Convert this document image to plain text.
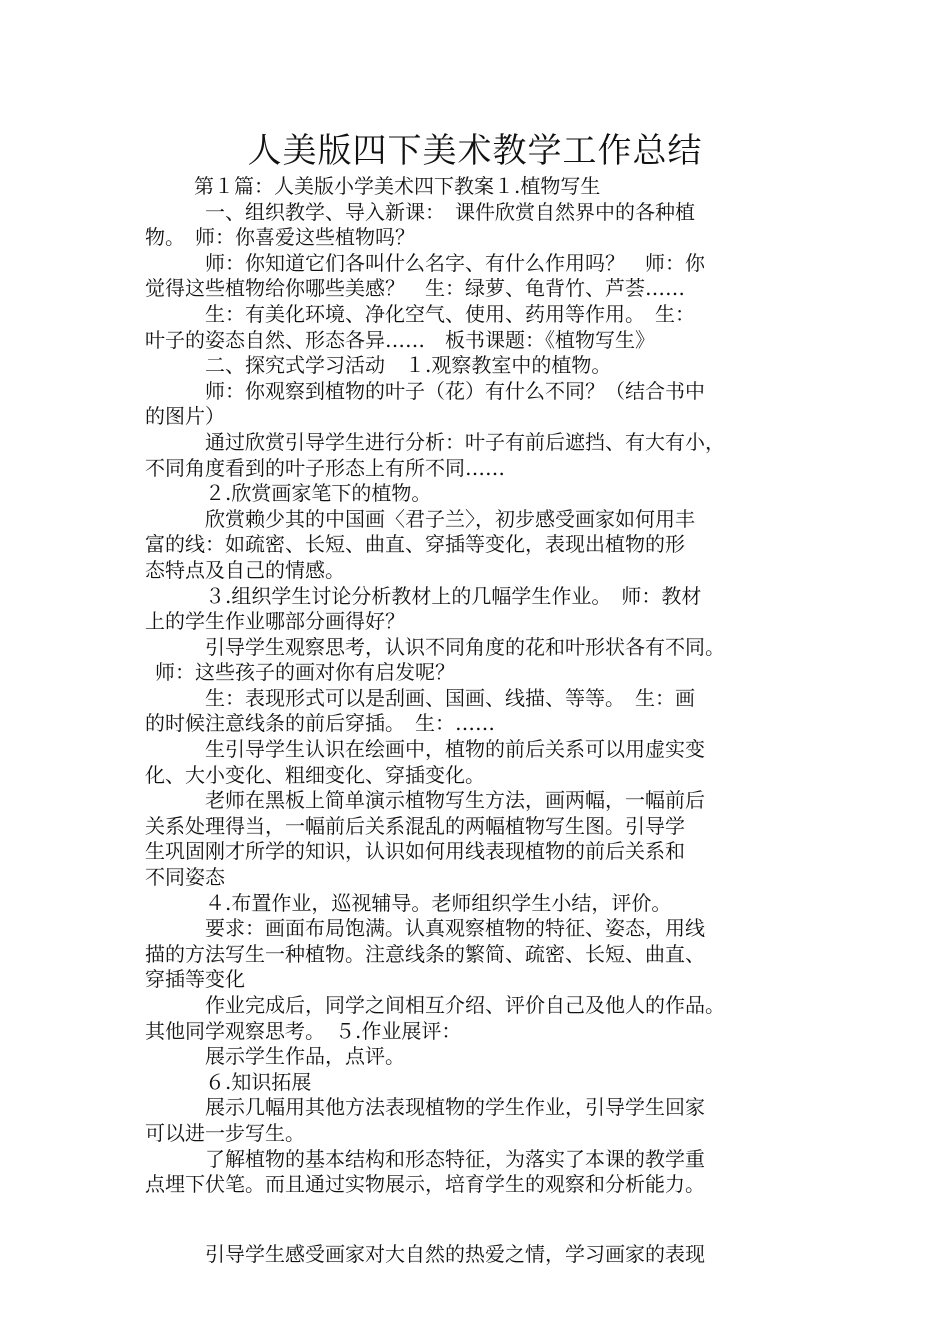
人美版四下美术教学工作总结
第１篇：人美版小学美术四下教案１.植物写生
一、组织教学、导入新课：　课件欣赏自然界中的各种植
物。　师：你喜爱这些植物吗？
师：你知道它们各叫什么名字、有什么作用吗？　师：你
觉得这些植物给你哪些美感？　生：绿萝、龟背竹、芦荟……
生：有美化环境、净化空气、使用、药用等作用。　生：
叶子的姿态自然、形态各异……　板书课题：《植物写生》
二、探究式学习活动　１.观察教室中的植物。
师：你观察到植物的叶子（花）有什么不同？（结合书中
的图片）
通过欣赏引导学生进行分析：叶子有前后遮挡、有大有小，
不同角度看到的叶子形态上有所不同……
２.欣赏画家笔下的植物。
欣赏赖少其的中国画〈君子兰〉，初步感受画家如何用丰
富的线：如疏密、长短、曲直、穿插等变化，表现出植物的形
态特点及自己的情感。
３.组织学生讨论分析教材上的几幅学生作业。　师：教材
上的学生作业哪部分画得好？
引导学生观察思考，认识不同角度的花和叶形状各有不同。
师：这些孩子的画对你有启发呢？
生：表现形式可以是刮画、国画、线描、等等。　生：画
的时候注意线条的前后穿插。　生：……
生引导学生认识在绘画中，植物的前后关系可以用虚实变
化、大小变化、粗细变化、穿插变化。
老师在黑板上简单演示植物写生方法，画两幅，一幅前后
关系处理得当，一幅前后关系混乱的两幅植物写生图。引导学
生巩固刚才所学的知识，认识如何用线表现植物的前后关系和
不同姿态
４.布置作业，巡视辅导。老师组织学生小结，评价。
要求：画面布局饱满。认真观察植物的特征、姿态，用线
描的方法写生一种植物。注意线条的繁简、疏密、长短、曲直、
穿插等变化
作业完成后，同学之间相互介绍、评价自己及他人的作品。
其他同学观察思考。　５.作业展评：
展示学生作品，点评。
６.知识拓展
展示几幅用其他方法表现植物的学生作业，引导学生回家
可以进一步写生。
了解植物的基本结构和形态特征，为落实了本课的教学重
点埋下伏笔。而且通过实物展示，培育学生的观察和分析能力。
引导学生感受画家对大自然的热爱之情，学习画家的表现
